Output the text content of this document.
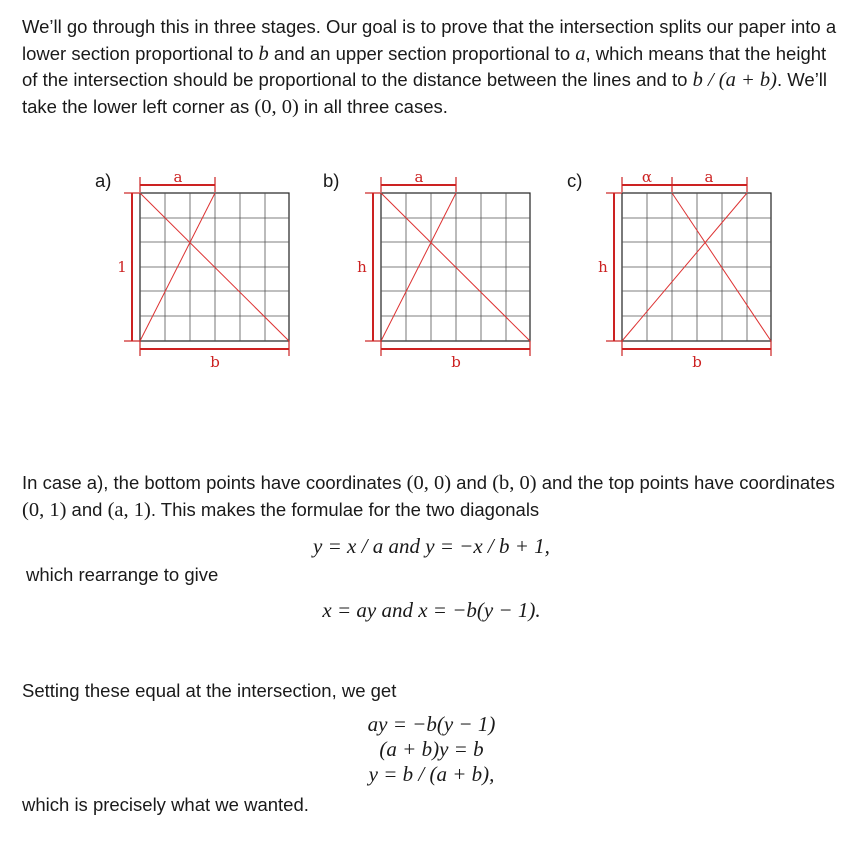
We’ll go through this in three stages. Our goal is to prove that the intersection splits our paper into a lower section proportional to b and an upper section proportional to a, which means that the height of the intersection should be proportional to the distance between the lines and to b / (a + b). We’ll take the lower left corner as (0, 0) in all three cases.

a)	a
1
b
b)	a
h
b
c)	α	a
h
b

In case a), the bottom points have coordinates (0, 0) and (b, 0) and the top points have coordinates (0, 1) and (a, 1). This makes the formulae for the two diagonals

y = x / a and y = −x / b + 1,

which rearrange to give

x = ay and x = −b(y − 1).

Setting these equal at the intersection, we get

ay = −b(y − 1)
(a + b)y = b
y = b / (a + b),

which is precisely what we wanted.
